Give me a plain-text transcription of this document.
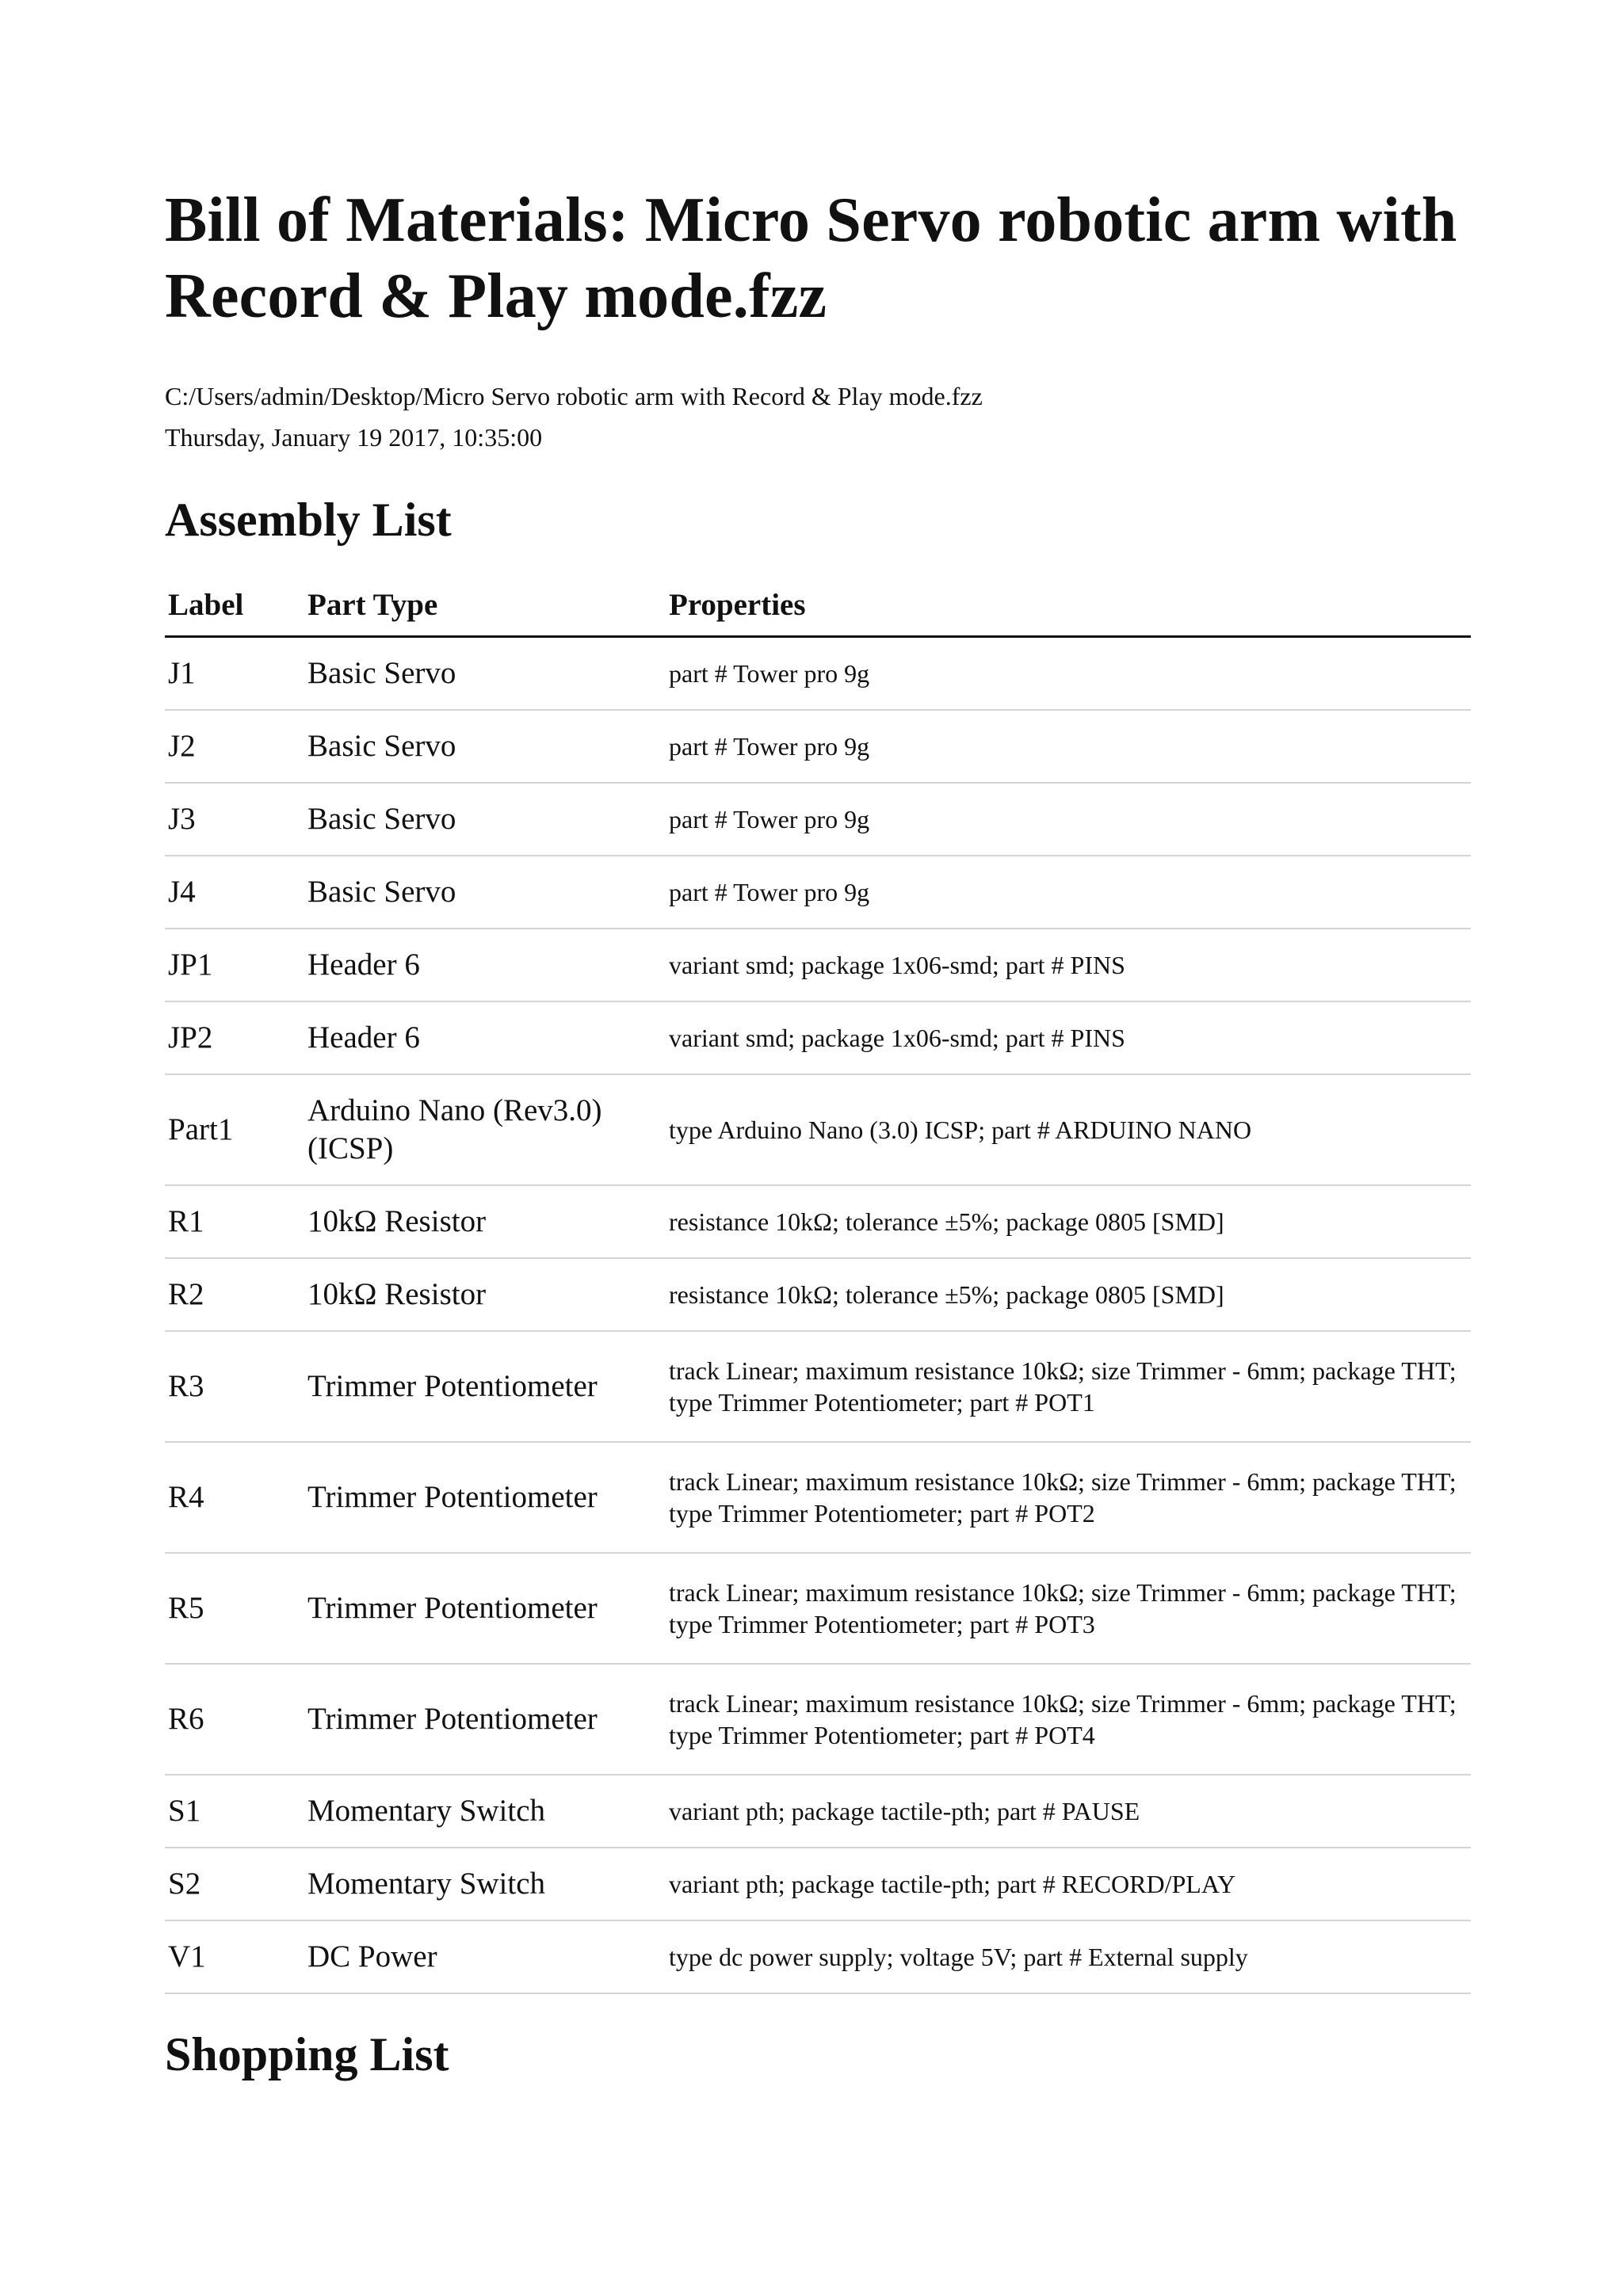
Bill of Materials: Micro Servo robotic arm with Record & Play mode.fzz
C:/Users/admin/Desktop/Micro Servo robotic arm with Record & Play mode.fzz
Thursday, January 19 2017, 10:35:00
Assembly List
Label	Part Type	Properties
J1	Basic Servo	part # Tower pro 9g
J2	Basic Servo	part # Tower pro 9g
J3	Basic Servo	part # Tower pro 9g
J4	Basic Servo	part # Tower pro 9g
JP1	Header 6	variant smd; package 1x06-smd; part # PINS
JP2	Header 6	variant smd; package 1x06-smd; part # PINS
Part1	Arduino Nano (Rev3.0) (ICSP)	type Arduino Nano (3.0) ICSP; part # ARDUINO NANO
R1	10kΩ Resistor	resistance 10kΩ; tolerance ±5%; package 0805 [SMD]
R2	10kΩ Resistor	resistance 10kΩ; tolerance ±5%; package 0805 [SMD]
R3	Trimmer Potentiometer	track Linear; maximum resistance 10kΩ; size Trimmer - 6mm; package THT; type Trimmer Potentiometer; part # POT1
R4	Trimmer Potentiometer	track Linear; maximum resistance 10kΩ; size Trimmer - 6mm; package THT; type Trimmer Potentiometer; part # POT2
R5	Trimmer Potentiometer	track Linear; maximum resistance 10kΩ; size Trimmer - 6mm; package THT; type Trimmer Potentiometer; part # POT3
R6	Trimmer Potentiometer	track Linear; maximum resistance 10kΩ; size Trimmer - 6mm; package THT; type Trimmer Potentiometer; part # POT4
S1	Momentary Switch	variant pth; package tactile-pth; part # PAUSE
S2	Momentary Switch	variant pth; package tactile-pth; part # RECORD/PLAY
V1	DC Power	type dc power supply; voltage 5V; part # External supply
Shopping List
